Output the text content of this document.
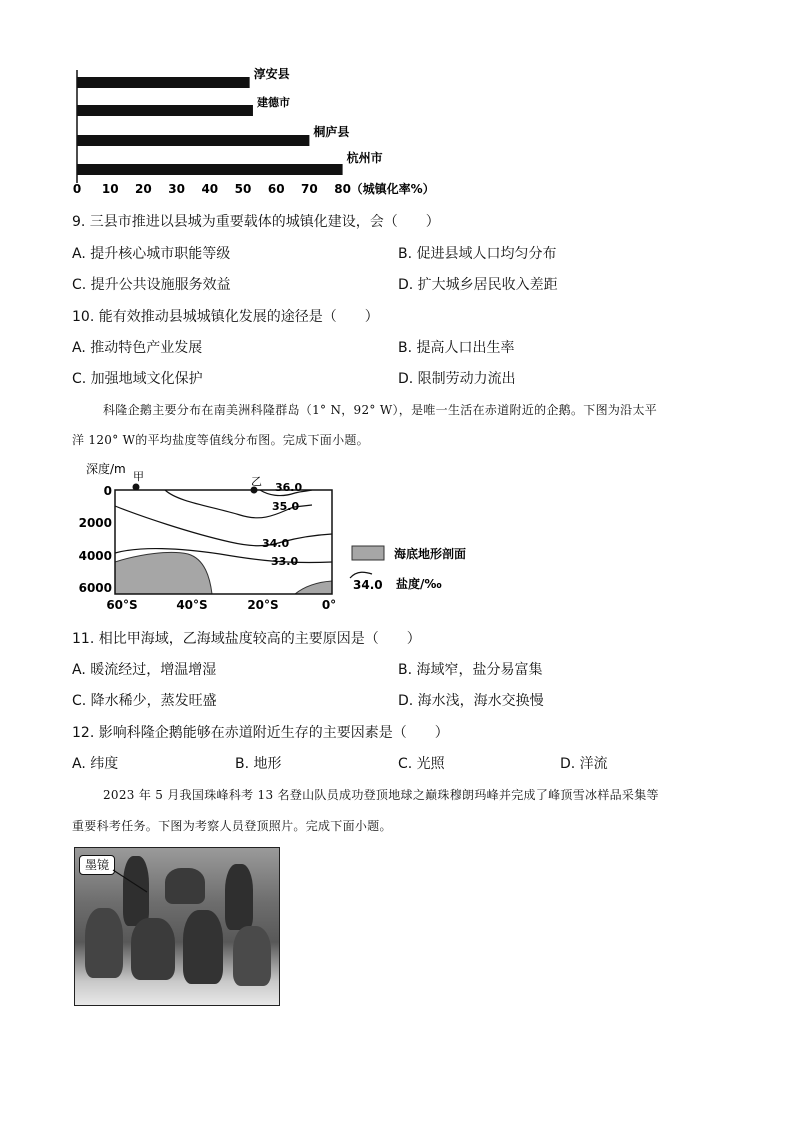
淳安县
建德市
桐庐县
杭州市
0 10 20 30 40 50 60 70 80 （城镇化率%）
9. 三县市推进以县城为重要载体的城镇化建设，会（　　）
A. 提升核心城市职能等级	B. 促进县域人口均匀分布
C. 提升公共设施服务效益	D. 扩大城乡居民收入差距
10. 能有效推动县城城镇化发展的途径是（　　）
A. 推动特色产业发展	B. 提高人口出生率
C. 加强地域文化保护	D. 限制劳动力流出
科隆企鹅主要分布在南美洲科隆群岛（1° N，92° W），是唯一生活在赤道附近的企鹅。下图为沿太平
洋 120° W的平均盐度等值线分布图。完成下面小题。
深度/m
36.0
35.0
34.0
33.0
甲	乙
0
2000
4000
6000
60°S	40°S	20°S	0°
海底地形剖面
34.0 盐度/‰
11. 相比甲海域，乙海域盐度较高的主要原因是（　　）
A. 暖流经过，增温增湿	B. 海域窄，盐分易富集
C. 降水稀少，蒸发旺盛	D. 海水浅，海水交换慢
12. 影响科隆企鹅能够在赤道附近生存的主要因素是（　　）
A. 纬度	B. 地形	C. 光照	D. 洋流
2023 年 5 月我国珠峰科考 13 名登山队员成功登顶地球之巅珠穆朗玛峰并完成了峰顶雪冰样品采集等
重要科考任务。下图为考察人员登顶照片。完成下面小题。
墨镜
